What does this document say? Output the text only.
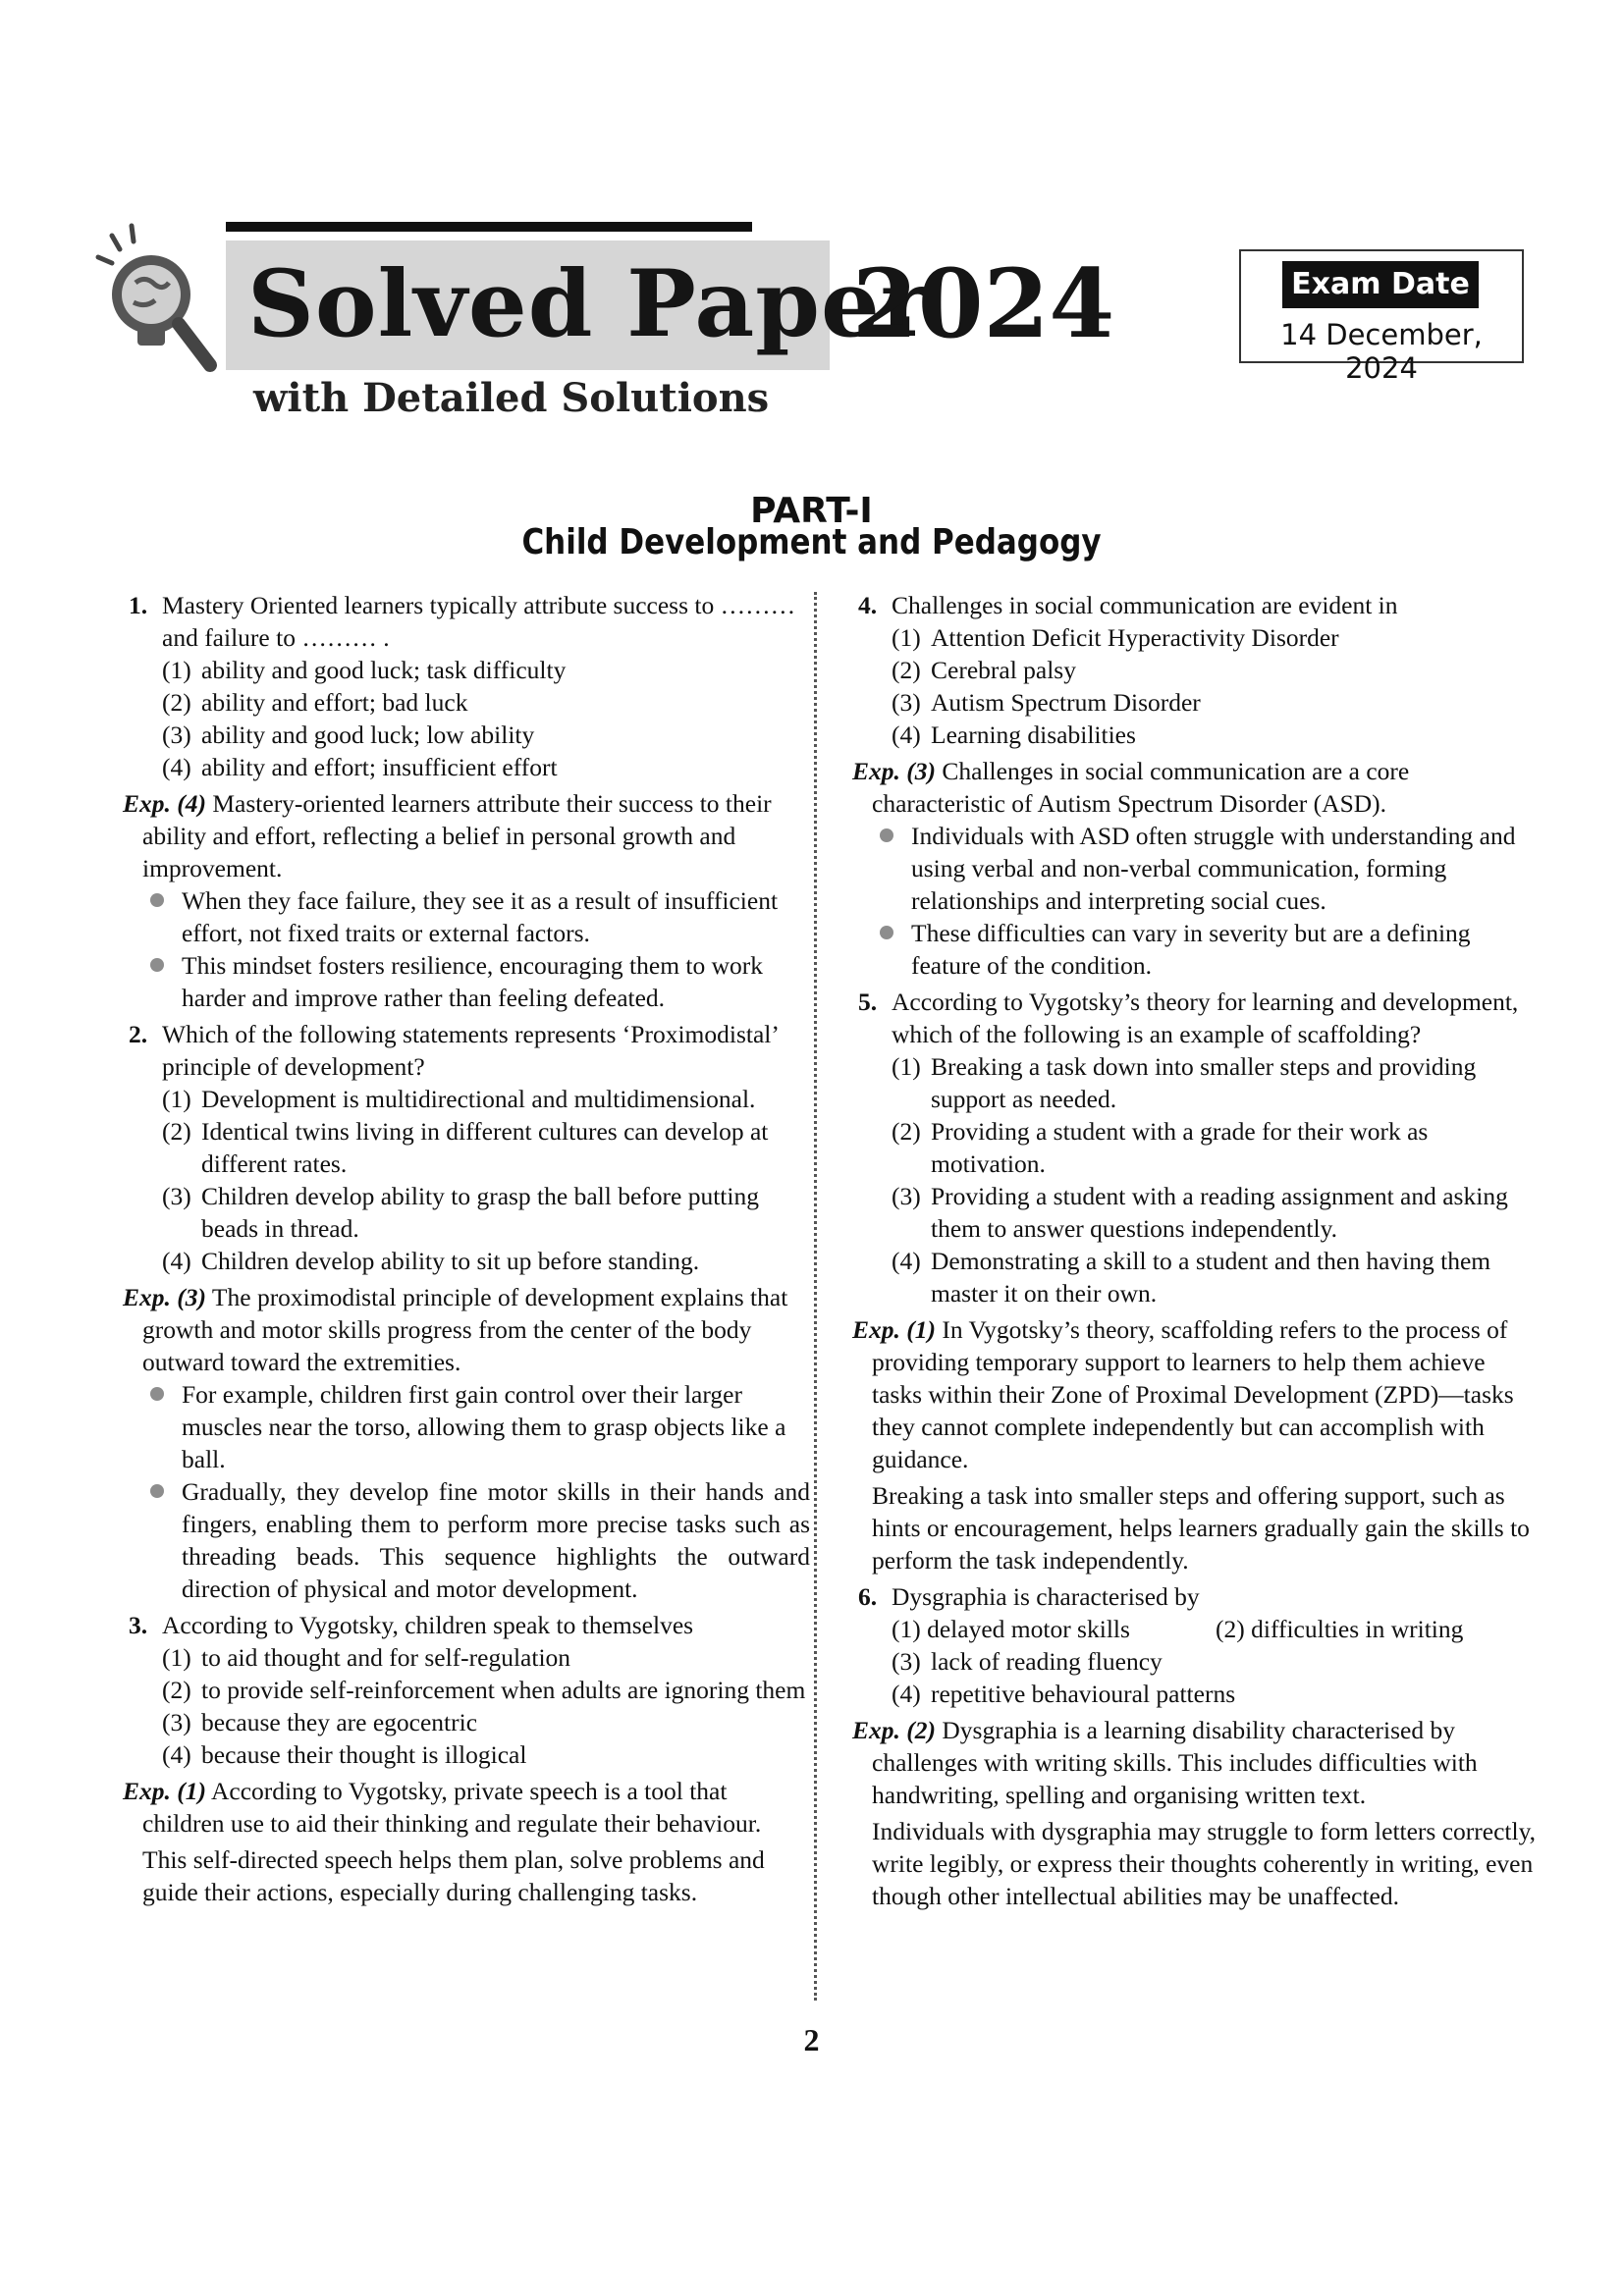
Solved Paper
2024
with Detailed Solutions
Exam Date
14 December, 2024
PART-I
Child Development and Pedagogy
1. Mastery Oriented learners typically attribute success to ……… and failure to ……… .
(1) ability and good luck; task difficulty
(2) ability and effort; bad luck
(3) ability and good luck; low ability
(4) ability and effort; insufficient effort
Exp. (4) Mastery-oriented learners attribute their success to their ability and effort, reflecting a belief in personal growth and improvement.
When they face failure, they see it as a result of insufficient effort, not fixed traits or external factors.
This mindset fosters resilience, encouraging them to work harder and improve rather than feeling defeated.
2. Which of the following statements represents ‘Proximodistal’ principle of development?
(1) Development is multidirectional and multidimensional.
(2) Identical twins living in different cultures can develop at different rates.
(3) Children develop ability to grasp the ball before putting beads in thread.
(4) Children develop ability to sit up before standing.
Exp. (3) The proximodistal principle of development explains that growth and motor skills progress from the center of the body outward toward the extremities.
For example, children first gain control over their larger muscles near the torso, allowing them to grasp objects like a ball.
Gradually, they develop fine motor skills in their hands and fingers, enabling them to perform more precise tasks such as threading beads. This sequence highlights the outward direction of physical and motor development.
3. According to Vygotsky, children speak to themselves
(1) to aid thought and for self-regulation
(2) to provide self-reinforcement when adults are ignoring them
(3) because they are egocentric
(4) because their thought is illogical
Exp. (1) According to Vygotsky, private speech is a tool that children use to aid their thinking and regulate their behaviour.
This self-directed speech helps them plan, solve problems and guide their actions, especially during challenging tasks.
4. Challenges in social communication are evident in
(1) Attention Deficit Hyperactivity Disorder
(2) Cerebral palsy
(3) Autism Spectrum Disorder
(4) Learning disabilities
Exp. (3) Challenges in social communication are a core characteristic of Autism Spectrum Disorder (ASD).
Individuals with ASD often struggle with understanding and using verbal and non-verbal communication, forming relationships and interpreting social cues.
These difficulties can vary in severity but are a defining feature of the condition.
5. According to Vygotsky’s theory for learning and development, which of the following is an example of scaffolding?
(1) Breaking a task down into smaller steps and providing support as needed.
(2) Providing a student with a grade for their work as motivation.
(3) Providing a student with a reading assignment and asking them to answer questions independently.
(4) Demonstrating a skill to a student and then having them master it on their own.
Exp. (1) In Vygotsky’s theory, scaffolding refers to the process of providing temporary support to learners to help them achieve tasks within their Zone of Proximal Development (ZPD)—tasks they cannot complete independently but can accomplish with guidance.
Breaking a task into smaller steps and offering support, such as hints or encouragement, helps learners gradually gain the skills to perform the task independently.
6. Dysgraphia is characterised by
(1) delayed motor skills	(2) difficulties in writing
(3) lack of reading fluency
(4) repetitive behavioural patterns
Exp. (2) Dysgraphia is a learning disability characterised by challenges with writing skills. This includes difficulties with handwriting, spelling and organising written text.
Individuals with dysgraphia may struggle to form letters correctly, write legibly, or express their thoughts coherently in writing, even though other intellectual abilities may be unaffected.
2
